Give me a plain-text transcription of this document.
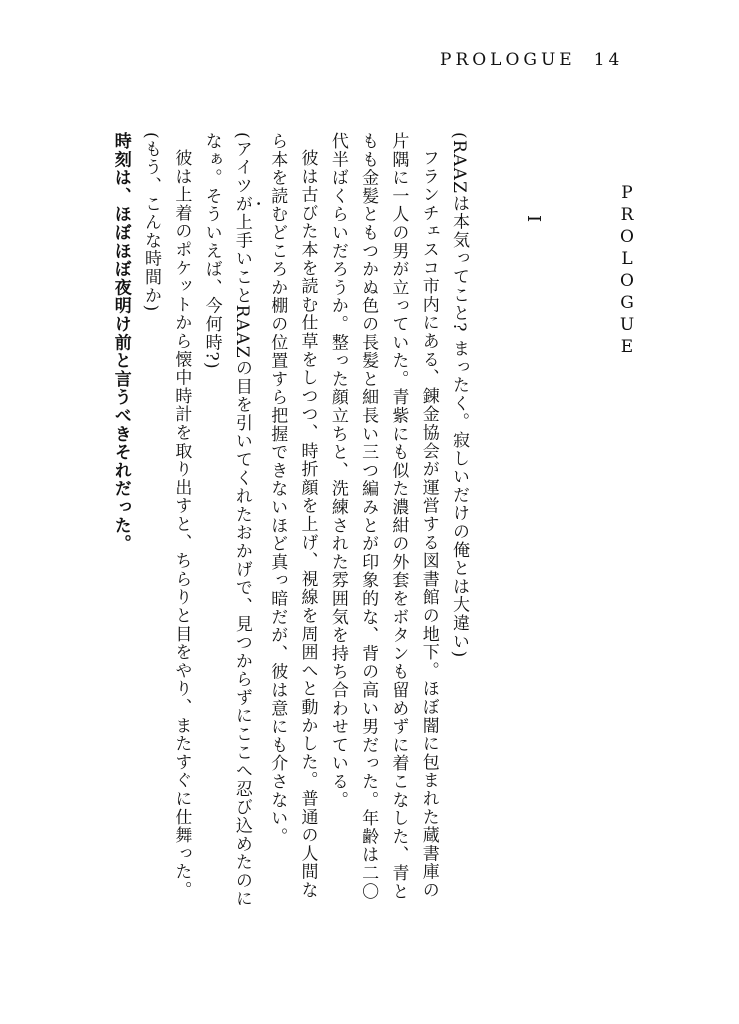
PROLOGUE 14
PROLOGUE
I

(RAAZは本気ってこと? まったく。寂しいだけの俺とは大違い)

フランチェスコ市内にある、錬金協会が運営する図書館の地下。ほぼ闇に包まれた蔵書庫の片隅に一人の男が立っていた。青紫にも似た濃紺の外套をボタンも留めずに着こなした、青ともも金髪ともつかぬ色の長髪と細長い三つ編みとが印象的な、背の高い男だった。年齢は二〇代半ばくらいだろうか。整った顔立ちと、洗練された雰囲気を持ち合わせている。

彼は古びた本を読む仕草をしつつ、時折顔を上げ、視線を周囲へと動かした。普通の人間なら本を読むどころか棚の位置すら把握できないほど真っ暗だが、彼は意にも介さない。

(アイツが上手いことRAAZの目を引いてくれたおかげで、見つからずにここへ忍び込めたのになぁ。そういえば、今何時?)

彼は上着のポケットから懐中時計を取り出すと、ちらりと目をやり、またすぐに仕舞った。

(もう、こんな時間か)

時刻は、ほぼほぼ夜明け前と言うべきそれだった。
